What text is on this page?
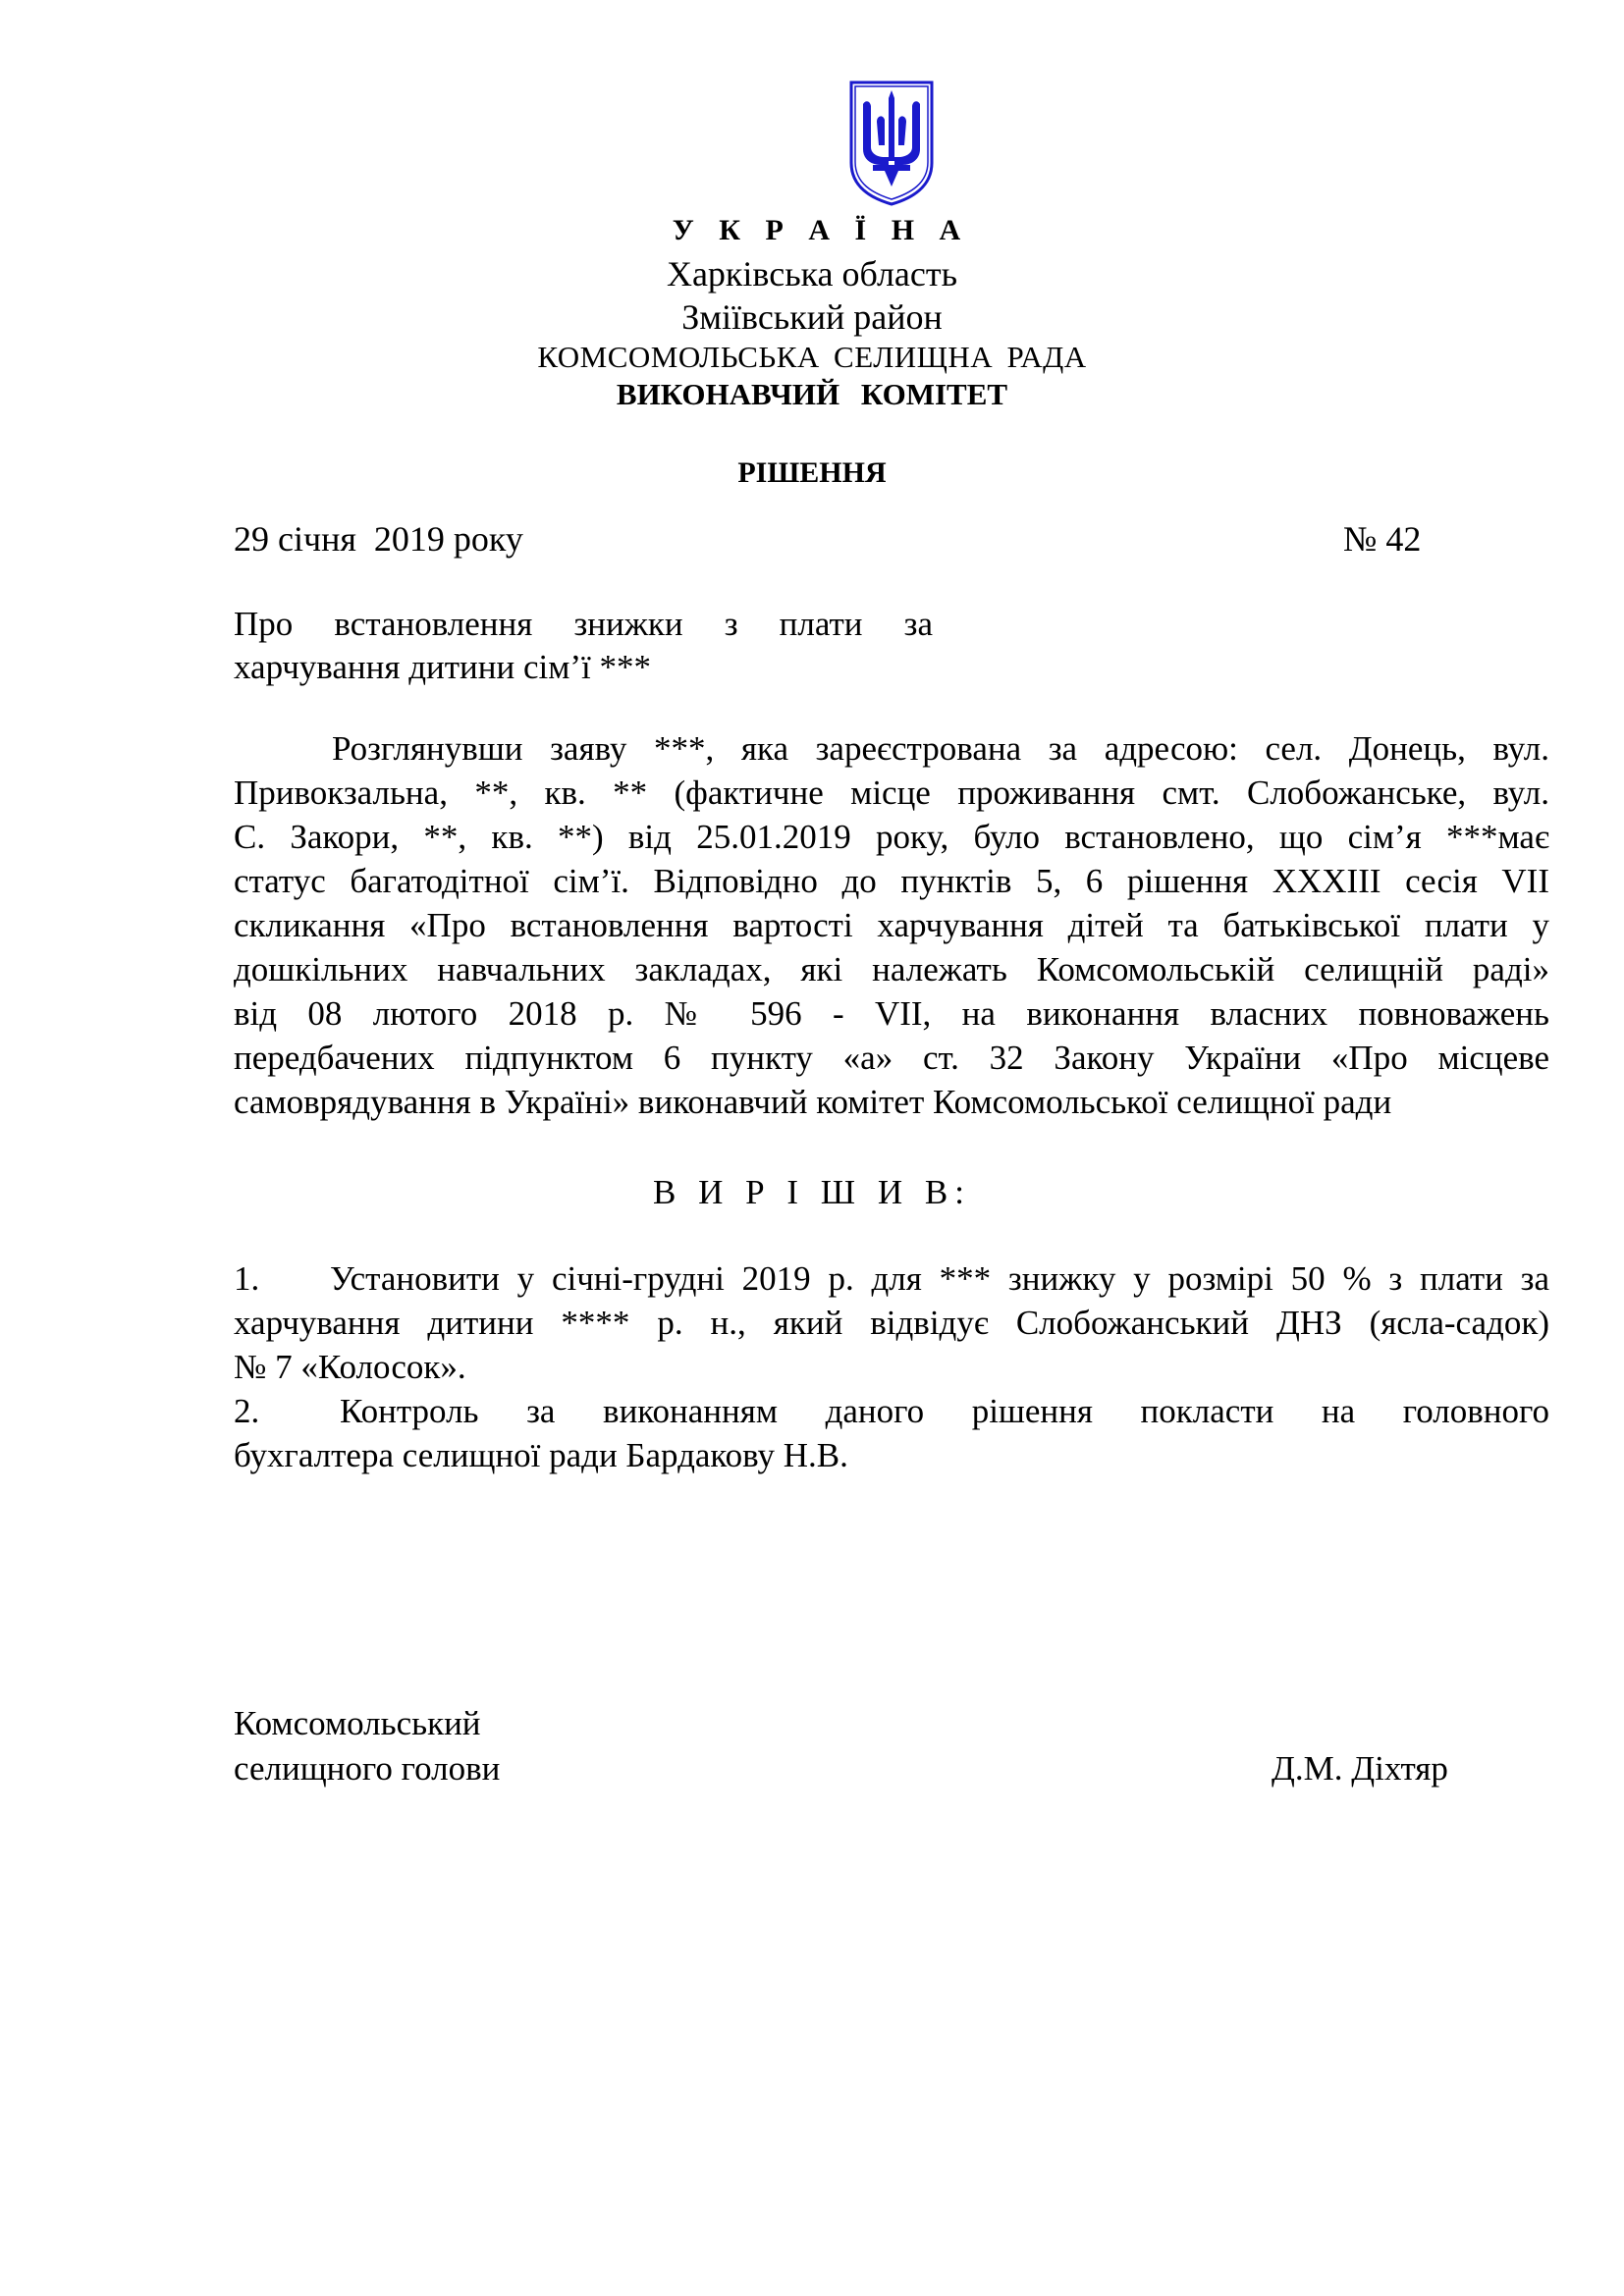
У К Р А Ї Н А
Харківська область
Зміївський район
КОМСОМОЛЬСЬКА СЕЛИЩНА РАДА
ВИКОНАВЧИЙ КОМІТЕТ
РІШЕННЯ
29 січня  2019 року	№ 42
Про встановлення знижки з плати за
харчування дитини сім’ї ***
Розглянувши заяву ***, яка зареєстрована за адресою: сел. Донець, вул.
Привокзальна, **, кв. ** (фактичне місце проживання смт. Слобожанське, вул.
С. Закори, **, кв. **) від 25.01.2019 року, було встановлено, що сім’я ***має
статус багатодітної сім’ї. Відповідно до пунктів 5, 6 рішення ХХХІІІ сесія VII
скликання «Про встановлення вартості харчування дітей та батьківської плати у
дошкільних навчальних закладах, які належать Комсомольській селищній раді»
від 08 лютого 2018 р. № 596 - VII, на виконання власних повноважень
передбачених підпунктом 6 пункту «а» ст. 32 Закону України «Про місцеве
самоврядування в Україні» виконавчий комітет Комсомольської селищної ради
В И Р І Ш И В:
1. Установити у січні-грудні 2019 р. для *** знижку у розмірі 50 % з плати за
харчування дитини **** р. н., який відвідує Слобожанський ДНЗ (ясла-садок)
№ 7 «Колосок».
2. Контроль за виконанням даного рішення покласти на головного
бухгалтера селищної ради Бардакову Н.В.
Комсомольський
селищного голови	Д.М. Діхтяр
